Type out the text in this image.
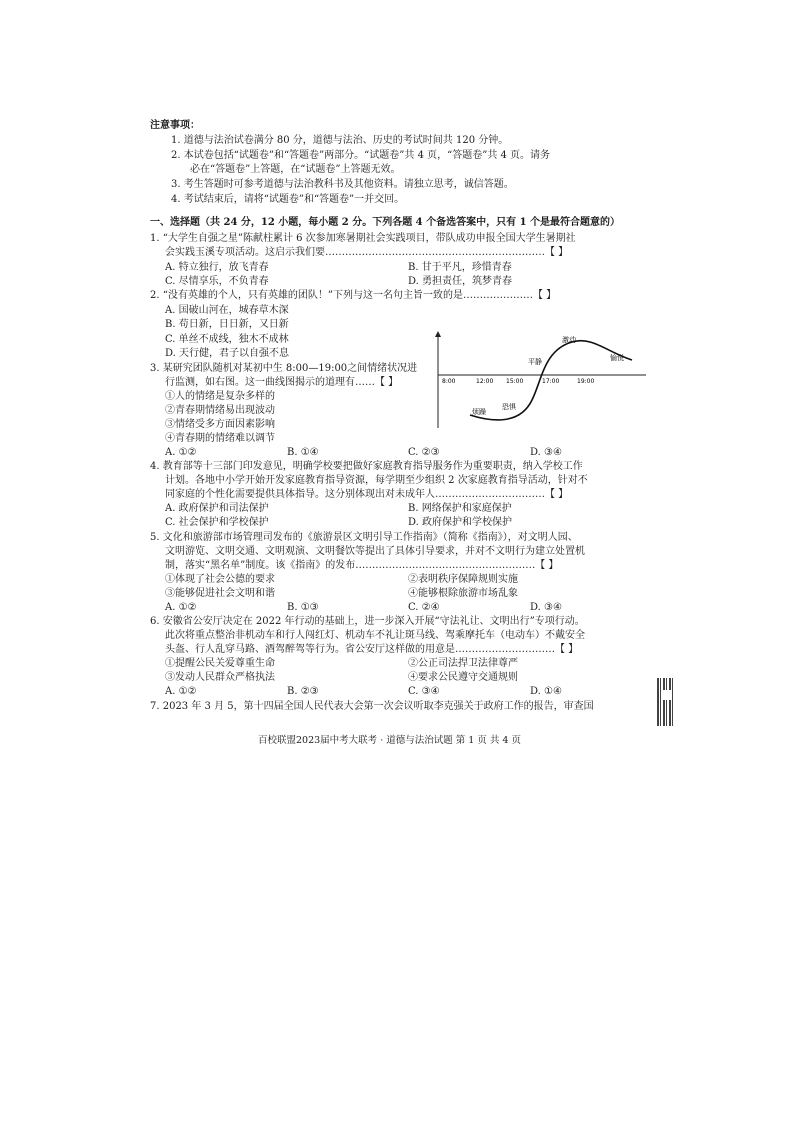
注意事项：
1. 道德与法治试卷满分 80 分，道德与法治、历史的考试时间共 120 分钟。
2. 本试卷包括“试题卷”和“答题卷”两部分。“试题卷”共 4 页，“答题卷”共 4 页。请务
必在“答题卷”上答题，在“试题卷”上答题无效。
3. 考生答题时可参考道德与法治教科书及其他资料。请独立思考，诚信答题。
4. 考试结束后，请将“试题卷”和“答题卷”一并交回。
一、选择题（共 24 分，12 小题，每小题 2 分。下列各题 4 个备选答案中，只有 1 个是最符合题意的）
1. “大学生自强之星”陈献柱累计 6 次参加寒暑期社会实践项目，带队成功申报全国大学生暑期社
会实践玉溪专项活动。这启示我们要…………………………………………………………【 】
A. 特立独行，放飞青春	B. 甘于平凡，珍惜青春
C. 尽情享乐，不负青春	D. 勇担责任，筑梦青春
2. “没有英雄的个人，只有英雄的团队！”下列与这一名句主旨一致的是…………………【 】
A. 国破山河在，城春草木深
B. 苟日新，日日新，又日新
C. 单丝不成线，独木不成林
D. 天行健，君子以自强不息
3. 某研究团队随机对某初中生 8:00—19:00之间情绪状况进
行监测，如右图。这一曲线图揭示的道理有……【 】
①人的情绪是复杂多样的
②青春期情绪易出现波动
③情绪受多方面因素影响
④青春期的情绪难以调节
A. ①②	B. ①④	C. ②③	D. ③④
8:00	12:00 15:00	17:00	19:00
激动
平静	愉悦
恐惧
烦躁
4. 教育部等十三部门印发意见，明确学校要把做好家庭教育指导服务作为重要职责，纳入学校工作
计划。各地中小学开始开发家庭教育指导资源，每学期至少组织 2 次家庭教育指导活动，针对不
同家庭的个性化需要提供具体指导。这分别体现出对未成年人……………………………【 】
A. 政府保护和司法保护	B. 网络保护和家庭保护
C. 社会保护和学校保护	D. 政府保护和学校保护
5. 文化和旅游部市场管理司发布的《旅游景区文明引导工作指南》（简称《指南》），对文明人园、
文明游览、文明交通、文明观演、文明餐饮等提出了具体引导要求，并对不文明行为建立处置机
制，落实“黑名单”制度。该《指南》的发布………………………………………………【 】
①体现了社会公德的要求	②表明秩序保障规则实施
③能够促进社会文明和谐	④能够根除旅游市场乱象
A. ①②	B. ①③	C. ②④	D. ③④
6. 安徽省公安厅决定在 2022 年行动的基础上，进一步深入开展“守法礼让、文明出行”专项行动。
此次将重点整治非机动车和行人闯红灯、机动车不礼让斑马线、驾乘摩托车（电动车）不戴安全
头盔、行人乱穿马路、酒驾醉驾等行为。省公安厅这样做的用意是…………………………【 】
①提醒公民关爱尊重生命	②公正司法捍卫法律尊严
③发动人民群众严格执法	④要求公民遵守交通规则
A. ①②	B. ②③	C. ③④	D. ①④
7. 2023 年 3 月 5，第十四届全国人民代表大会第一次会议听取李克强关于政府工作的报告，审查国
百校联盟2023届中考大联考 · 道德与法治试题 第 1 页 共 4 页
